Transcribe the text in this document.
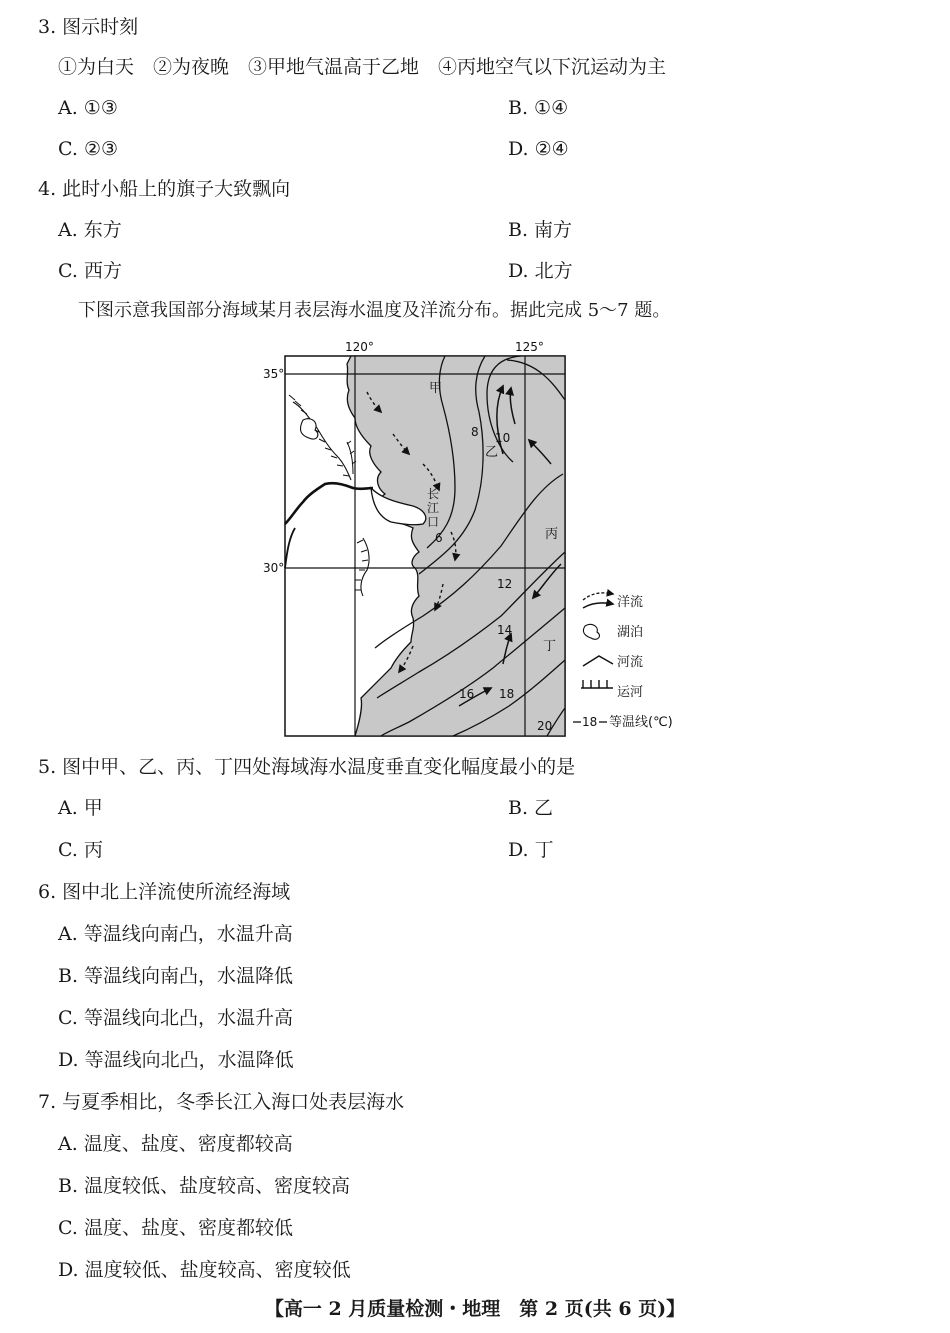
3. 图示时刻
①为白天　②为夜晚　③甲地气温高于乙地　④丙地空气以下沉运动为主
A. ①③	B. ①④
C. ②③	D. ②④
4. 此时小船上的旗子大致飘向
A. 东方	B. 南方
C. 西方	D. 北方
下图示意我国部分海域某月表层海水温度及洋流分布。据此完成 5～7 题。
120°	125°
35°
30°
甲
乙
丙
丁
长
江
口
6
8 10
12
14
16 18
20
洋流
湖泊
河流
运河
18 等温线(℃)
5. 图中甲、乙、丙、丁四处海域海水温度垂直变化幅度最小的是
A. 甲	B. 乙
C. 丙	D. 丁
6. 图中北上洋流使所流经海域
A. 等温线向南凸，水温升高
B. 等温线向南凸，水温降低
C. 等温线向北凸，水温升高
D. 等温线向北凸，水温降低
7. 与夏季相比，冬季长江入海口处表层海水
A. 温度、盐度、密度都较高
B. 温度较低、盐度较高、密度较高
C. 温度、盐度、密度都较低
D. 温度较低、盐度较高、密度较低
【高一 2 月质量检测・地理　第 2 页(共 6 页)】
